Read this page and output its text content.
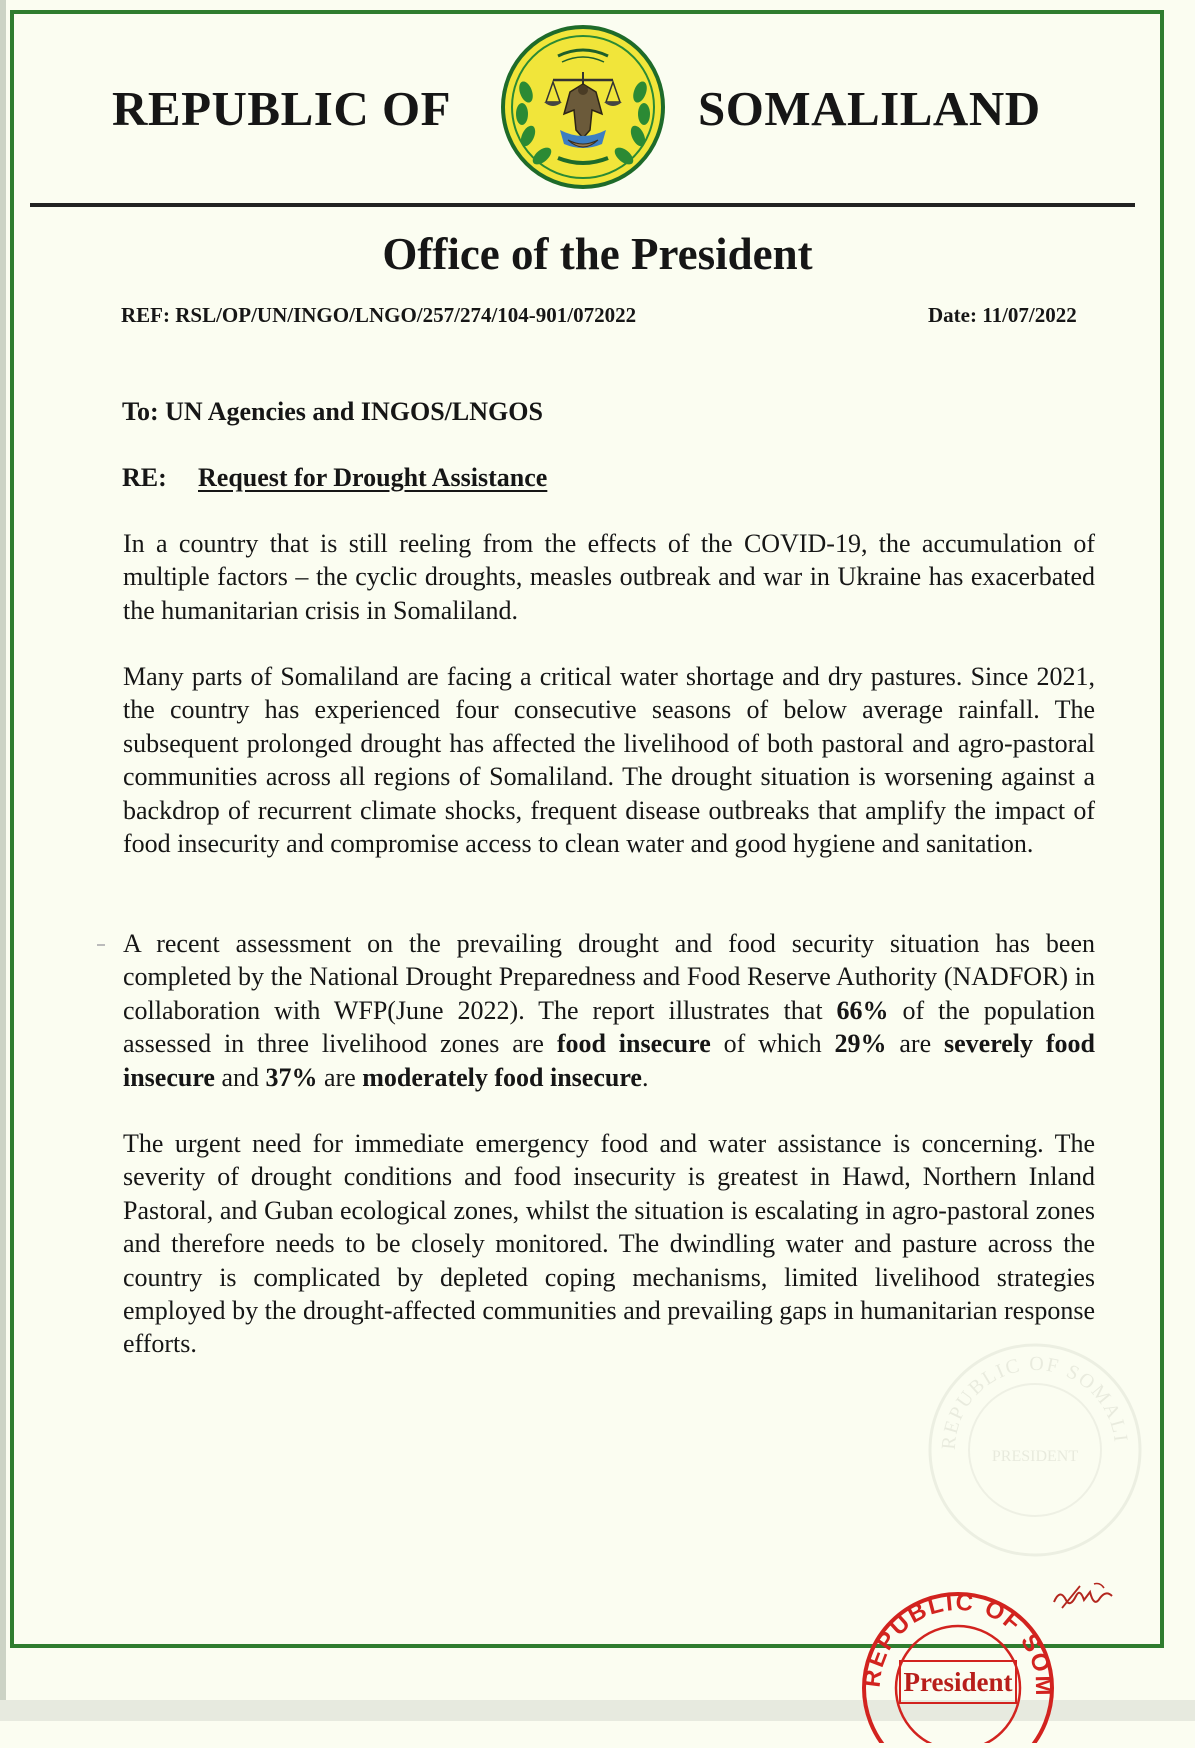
REPUBLIC OF	SOMALILAND
Office of the President
REF: RSL/OP/UN/INGO/LNGO/257/274/104-901/072022	Date: 11/07/2022
To: UN Agencies and INGOS/LNGOS
RE: Request for Drought Assistance

In a country that is still reeling from the effects of the COVID-19, the accumulation of multiple factors – the cyclic droughts, measles outbreak and war in Ukraine has exacerbated the humanitarian crisis in Somaliland.

Many parts of Somaliland are facing a critical water shortage and dry pastures. Since 2021, the country has experienced four consecutive seasons of below average rainfall. The subsequent prolonged drought has affected the livelihood of both pastoral and agro-pastoral communities across all regions of Somaliland. The drought situation is worsening against a backdrop of recurrent climate shocks, frequent disease outbreaks that amplify the impact of food insecurity and compromise access to clean water and good hygiene and sanitation.

A recent assessment on the prevailing drought and food security situation has been completed by the National Drought Preparedness and Food Reserve Authority (NADFOR) in collaboration with WFP(June 2022). The report illustrates that 66% of the population assessed in three livelihood zones are food insecure of which 29% are severely food insecure and 37% are moderately food insecure.

The urgent need for immediate emergency food and water assistance is concerning. The severity of drought conditions and food insecurity is greatest in Hawd, Northern Inland Pastoral, and Guban ecological zones, whilst the situation is escalating in agro-pastoral zones and therefore needs to be closely monitored. The dwindling water and pasture across the country is complicated by depleted coping mechanisms, limited livelihood strategies employed by the drought-affected communities and prevailing gaps in humanitarian response efforts.

REPUBLIC OF SOMALI
PRESIDENT
EPUBLIC OF SOM
President
